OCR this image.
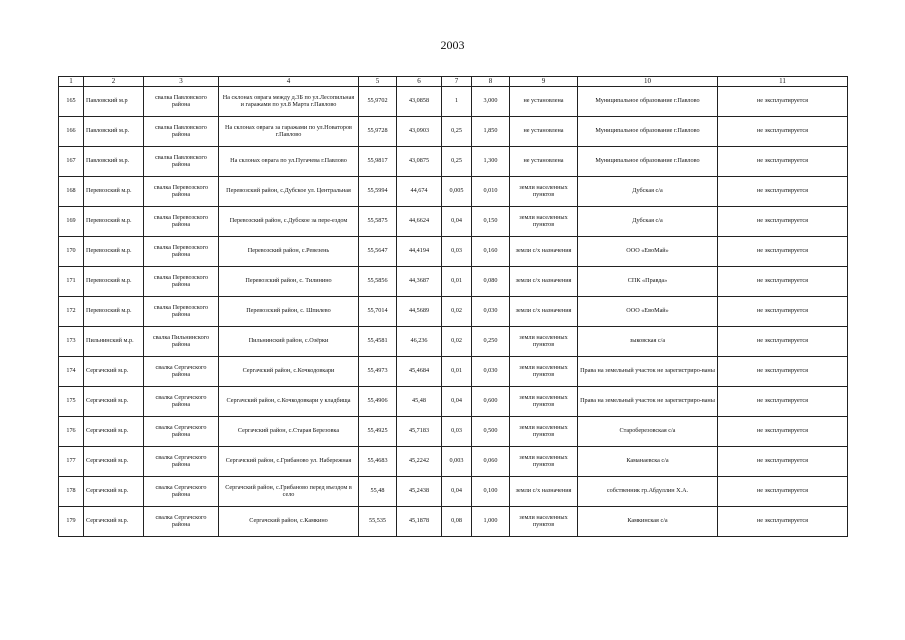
2003
1	2	3	4	5	6	7	8	9	10	11
165	Павловский м.р	свалка Павловского района	На склонах оврага между д.3Б по ул.Лесопильная и гаражами по ул.8 Марта г.Павлово	55,9702	43,0858	1	3,000	не установлена	Муниципальное образование г.Павлово	не эксплуатируется
166	Павловский м.р.	свалка Павловского района	На склонах оврага за гаражами по ул.Новаторов г.Павлово	55,9728	43,0903	0,25	1,850	не установлена	Муниципальное образование г.Павлово	не эксплуатируется
167	Павловский м.р.	свалка Павловского района	На склонах оврага по ул.Пугачева г.Павлово	55,9817	43,0875	0,25	1,300	не установлена	Муниципальное образование г.Павлово	не эксплуатируется
168	Перевозский м.р.	свалка Перевозского района	Перевозский район, с.Дубское ул. Центральная	55,5994	44,674	0,005	0,010	земли населенных пунктов	Дубская с/а	не эксплуатируется
169	Перевозский м.р.	свалка Перевозского района	Перевозский район, с.Дубское за пере-ездом	55,5875	44,6624	0,04	0,150	земли населенных пунктов	Дубская с/а	не эксплуатируется
170	Перевозский м.р.	свалка Перевозского района	Перевозский район, с.Ревезень	55,5647	44,4194	0,03	0,160	земли с/х назначения	ООО «ЕвоМай»	не эксплуатируется
171	Перевозский м.р.	свалка Перевозского района	Перевозский район, с. Тилинино	55,5856	44,3687	0,01	0,080	земли с/х назначения	СПК «Правда»	не эксплуатируется
172	Перевозский м.р.	свалка Перевозского района	Перевозский район, с. Шпилево	55,7014	44,5689	0,02	0,030	земли с/х назначения	ООО «ЕвоМай»	не эксплуатируется
173	Пильнинский м.р.	свалка Пильнинского района	Пильнинский район, с.Озёрки	55,4581	46,236	0,02	0,250	земли населенных пунктов	зыковская с/а	не эксплуатируется
174	Сергачский м.р.	свалка Сергачского района	Сергачский район, с.Кочкодовкари	55,4973	45,4684	0,01	0,030	земли населенных пунктов	Права на земельный участок не зарегистриро-ваны	не эксплуатируется
175	Сергачский м.р.	свалка Сергачского района	Сергачский район, с.Кочкодовкари у кладбища	55,4906	45,48	0,04	0,600	земли населенных пунктов	Права на земельный участок не зарегистриро-ваны	не эксплуатируется
176	Сергачский м.р.	свалка Сергачского района	Сергачский район, с.Старая Березовка	55,4925	45,7183	0,03	0,500	земли населенных пунктов	Староберезовская с/а	не эксплуатируется
177	Сергачский м.р.	свалка Сергачского района	Сергачский район, с.Грибаново ул. Набережная	55,4683	45,2242	0,003	0,060	земли населенных пунктов	Каманаевска с/а	не эксплуатируется
178	Сергачский м.р.	свалка Сергачского района	Сергачский район, с.Грибаново перед въездом в село	55,48	45,2438	0,04	0,100	земли с/х назначения	собственник гр.Абдуллин Х.А.	не эксплуатируется
179	Сергачский м.р.	свалка Сергачского района	Сергачский район, с.Камкино	55,535	45,1878	0,08	1,000	земли населенных пунктов	Камкинская с/а	не эксплуатируется
